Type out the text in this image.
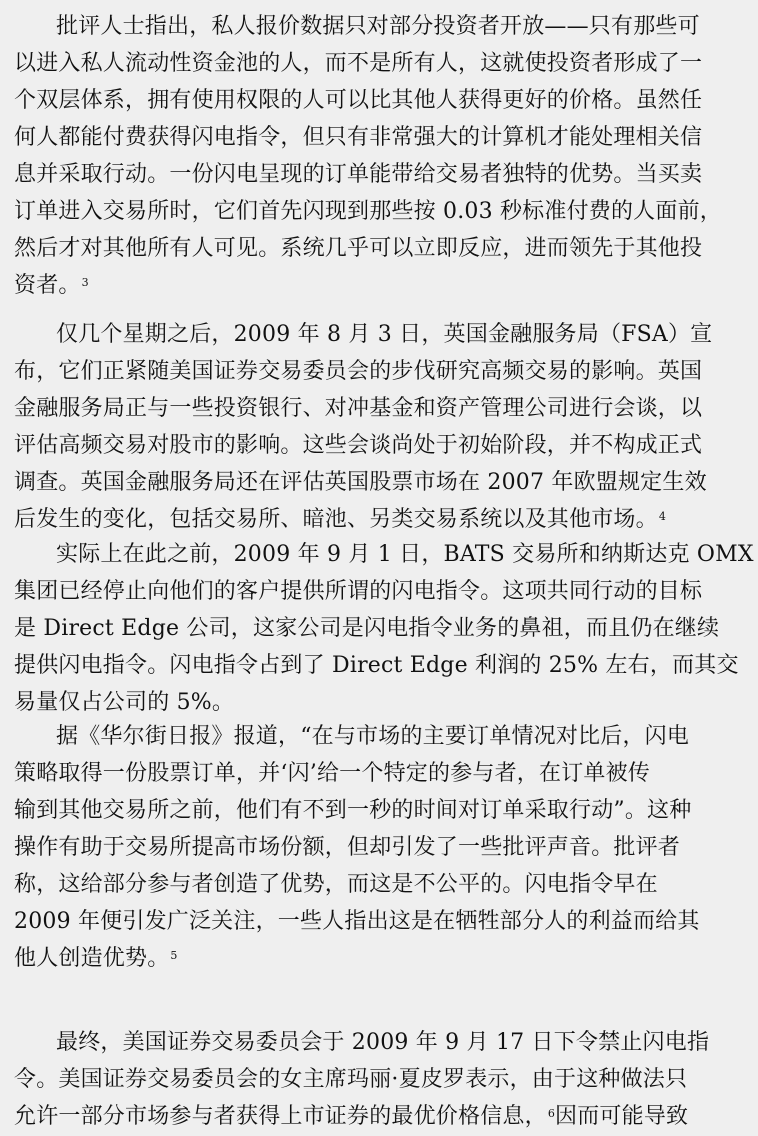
批评人士指出，私人报价数据只对部分投资者开放——只有那些可
以进入私人流动性资金池的人，而不是所有人，这就使投资者形成了一
个双层体系，拥有使用权限的人可以比其他人获得更好的价格。虽然任
何人都能付费获得闪电指令，但只有非常强大的计算机才能处理相关信
息并采取行动。一份闪电呈现的订单能带给交易者独特的优势。当买卖
订单进入交易所时，它们首先闪现到那些按 0.03 秒标准付费的人面前，
然后才对其他所有人可见。系统几乎可以立即反应，进而领先于其他投
资者。$^3$
仅几个星期之后，2009 年 8 月 3 日，英国金融服务局（FSA）宣
布，它们正紧随美国证券交易委员会的步伐研究高频交易的影响。英国
金融服务局正与一些投资银行、对冲基金和资产管理公司进行会谈，以
评估高频交易对股市的影响。这些会谈尚处于初始阶段，并不构成正式
调查。英国金融服务局还在评估英国股票市场在 2007 年欧盟规定生效
后发生的变化，包括交易所、暗池、另类交易系统以及其他市场。$^4$
实际上在此之前，2009 年 9 月 1 日，BATS 交易所和纳斯达克 OMX
集团已经停止向他们的客户提供所谓的闪电指令。这项共同行动的目标
是 Direct Edge 公司，这家公司是闪电指令业务的鼻祖，而且仍在继续
提供闪电指令。闪电指令占到了 Direct Edge 利润的 25% 左右，而其交
易量仅占公司的 5%。
据《华尔街日报》报道，“在与市场的主要订单情况对比后，闪电
策略取得一份股票订单，并‘闪’给一个特定的参与者，在订单被传
输到其他交易所之前，他们有不到一秒的时间对订单采取行动”。这种
操作有助于交易所提高市场份额，但却引发了一些批评声音。批评者
称，这给部分参与者创造了优势，而这是不公平的。闪电指令早在
2009 年便引发广泛关注，一些人指出这是在牺牲部分人的利益而给其
他人创造优势。$^5$
最终，美国证券交易委员会于 2009 年 9 月 17 日下令禁止闪电指
令。美国证券交易委员会的女主席玛丽·夏皮罗表示，由于这种做法只
允许一部分市场参与者获得上市证券的最优价格信息，$^6$因而可能导致
